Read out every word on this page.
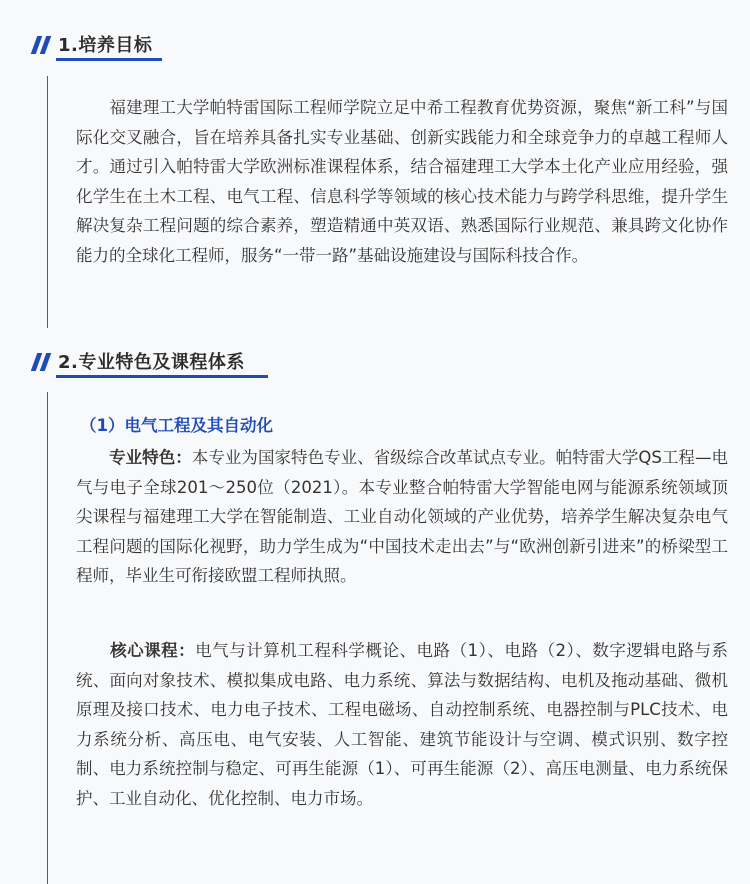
1.培养目标

　　福建理工大学帕特雷国际工程师学院立足中希工程教育优势资源，聚焦“新工科”与国际化交叉融合，旨在培养具备扎实专业基础、创新实践能力和全球竞争力的卓越工程师人才。通过引入帕特雷大学欧洲标准课程体系，结合福建理工大学本土化产业应用经验，强化学生在土木工程、电气工程、信息科学等领域的核心技术能力与跨学科思维，提升学生解决复杂工程问题的综合素养，塑造精通中英双语、熟悉国际行业规范、兼具跨文化协作能力的全球化工程师，服务“一带一路”基础设施建设与国际科技合作。

2.专业特色及课程体系
（1）电气工程及其自动化

　　专业特色：本专业为国家特色专业、省级综合改革试点专业。帕特雷大学QS工程—电气与电子全球201～250位（2021）。本专业整合帕特雷大学智能电网与能源系统领域顶尖课程与福建理工大学在智能制造、工业自动化领域的产业优势，培养学生解决复杂电气工程问题的国际化视野，助力学生成为“中国技术走出去”与“欧洲创新引进来”的桥梁型工程师，毕业生可衔接欧盟工程师执照。

　　核心课程：电气与计算机工程科学概论、电路（1）、电路（2）、数字逻辑电路与系统、面向对象技术、模拟集成电路、电力系统、算法与数据结构、电机及拖动基础、微机原理及接口技术、电力电子技术、工程电磁场、自动控制系统、电器控制与PLC技术、电力系统分析、高压电、电气安装、人工智能、建筑节能设计与空调、模式识别、数字控制、电力系统控制与稳定、可再生能源（1）、可再生能源（2）、高压电测量、电力系统保护、工业自动化、优化控制、电力市场。
